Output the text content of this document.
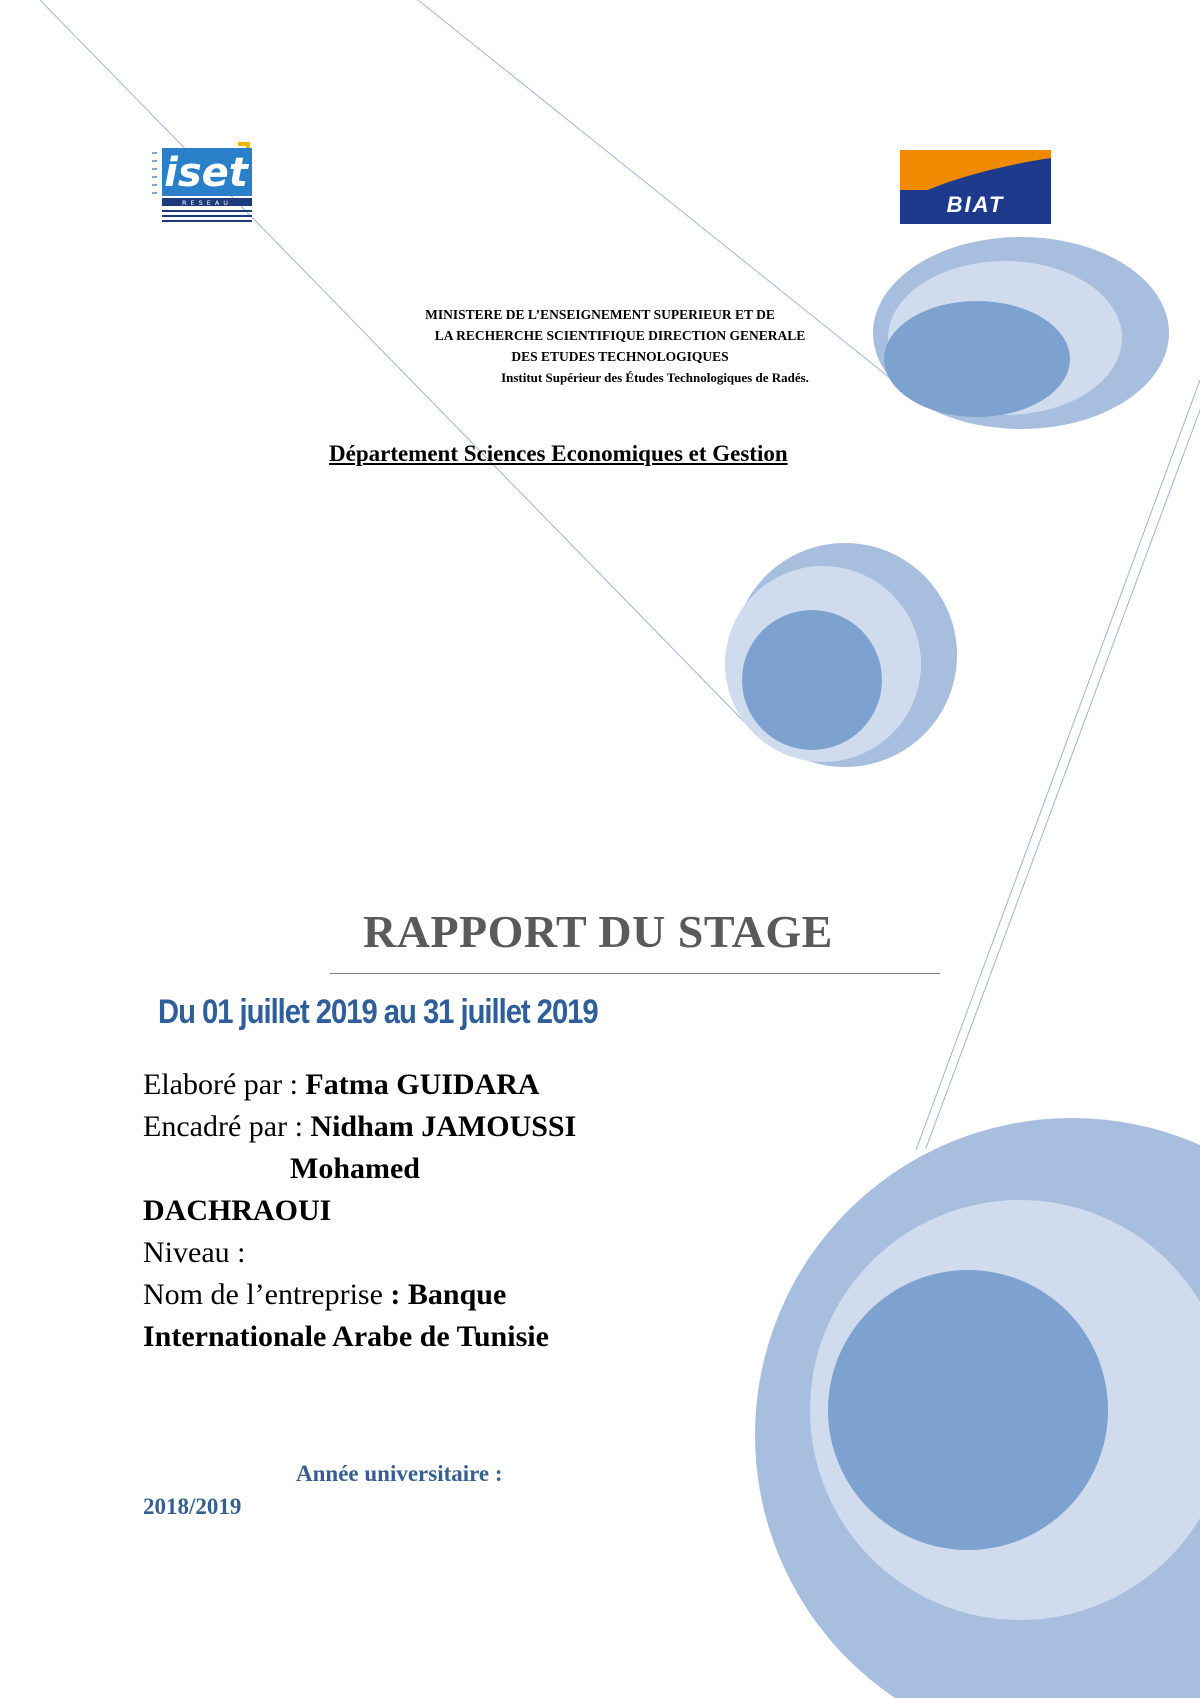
iset
RESEAU	BIAT
MINISTERE DE L’ENSEIGNEMENT SUPERIEUR ET DE
LA RECHERCHE SCIENTIFIQUE DIRECTION GENERALE
DES ETUDES TECHNOLOGIQUES
Institut Supérieur des Études Technologiques de Radés.
Département Sciences Economiques et Gestion
RAPPORT DU STAGE
Du 01 juillet 2019 au 31 juillet 2019
Elaboré par : Fatma GUIDARA
Encadré par : Nidham JAMOUSSI
Mohamed
DACHRAOUI
Niveau :
Nom de l’entreprise : Banque
Internationale Arabe de Tunisie
Année universitaire :
2018/2019
